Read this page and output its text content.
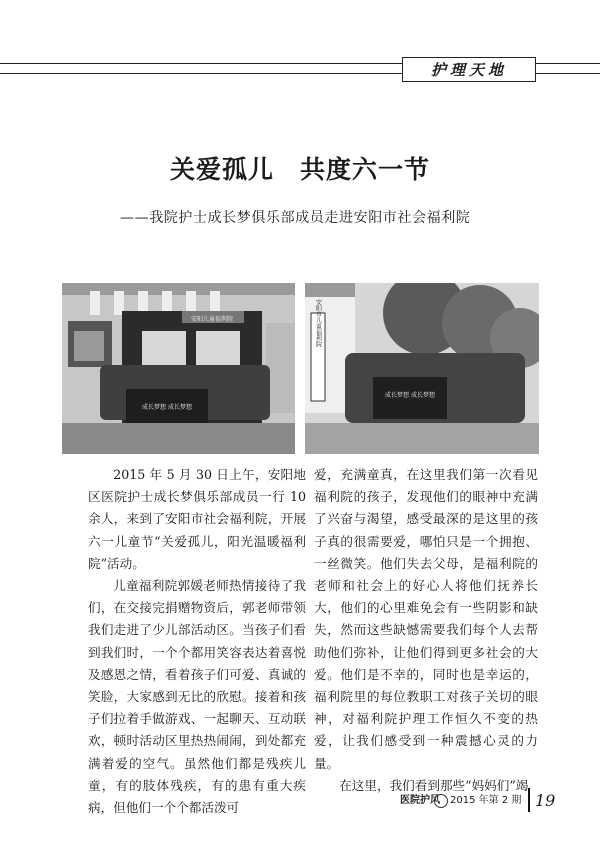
护理天地
关爱孤儿　共度六一节
——我院护士成长梦俱乐部成员走进安阳市社会福利院
成长梦想 成长梦想
安阳儿童福利院	安阳市儿童福利院
成长梦想 成长梦想

2015 年 5 月 30 日上午，安阳地区医院护士成长梦俱乐部成员一行 10 余人，来到了安阳市社会福利院，开展六一儿童节“关爱孤儿，阳光温暖福利院”活动。

儿童福利院郭媛老师热情接待了我们，在交接完捐赠物资后，郭老师带领我们走进了少儿部活动区。当孩子们看到我们时，一个个都用笑容表达着喜悦及感恩之情，看着孩子们可爱、真诚的笑脸，大家感到无比的欣慰。接着和孩子们拉着手做游戏、一起聊天、互动联欢，顿时活动区里热热闹闹，到处都充满着爱的空气。虽然他们都是残疾儿童，有的肢体残疾，有的患有重大疾病，但他们一个个都活泼可

爱，充满童真，在这里我们第一次看见福利院的孩子，发现他们的眼神中充满了兴奋与渴望，感受最深的是这里的孩子真的很需要爱，哪怕只是一个拥抱、一丝微笑。他们失去父母，是福利院的老师和社会上的好心人将他们抚养长大，他们的心里难免会有一些阴影和缺失，然而这些缺憾需要我们每个人去帮助他们弥补，让他们得到更多社会的大爱。他们是不幸的，同时也是幸运的，福利院里的每位教职工对孩子关切的眼神，对福利院护理工作恒久不变的热爱，让我们感受到一种震撼心灵的力量。

在这里，我们看到那些“妈妈们”竭

医院护风 2015 年第 2 期 19
